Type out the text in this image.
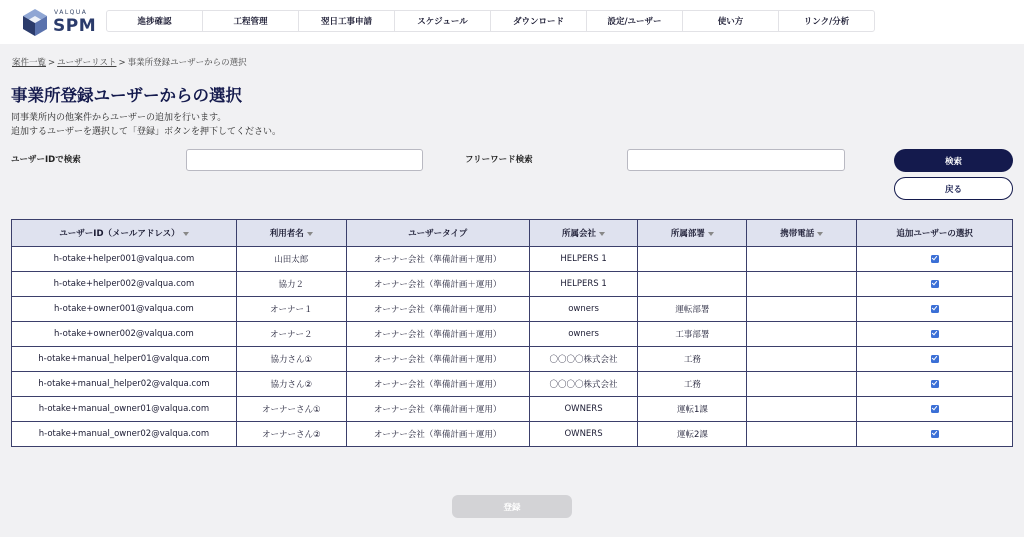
VALQUA
SPM	進捗確認	工程管理	翌日工事申請	スケジュール	ダウンロード	設定/ユーザー	使い方	リンク/分析
案件一覧 > ユーザーリスト > 事業所登録ユーザーからの選択
事業所登録ユーザーからの選択
同事業所内の他案件からユーザーの追加を行います。
追加するユーザーを選択して「登録」ボタンを押下してください。
ユーザーIDで検索	フリーワード検索	検索
戻る
ユーザーID（メールアドレス）	利用者名	ユーザータイプ	所属会社	所属部署	携帯電話	追加ユーザーの選択
h-otake+helper001@valqua.com	山田太郎	オーナー会社（準備計画＋運用）	HELPERS 1			
h-otake+helper002@valqua.com	協力２	オーナー会社（準備計画＋運用）	HELPERS 1			
h-otake+owner001@valqua.com	オーナー１	オーナー会社（準備計画＋運用）	owners	運転部署		
h-otake+owner002@valqua.com	オーナー２	オーナー会社（準備計画＋運用）	owners	工事部署		
h-otake+manual_helper01@valqua.com	協力さん①	オーナー会社（準備計画＋運用）	〇〇〇〇株式会社	工務		
h-otake+manual_helper02@valqua.com	協力さん②	オーナー会社（準備計画＋運用）	〇〇〇〇株式会社	工務		
h-otake+manual_owner01@valqua.com	オーナーさん①	オーナー会社（準備計画＋運用）	OWNERS	運転1課		
h-otake+manual_owner02@valqua.com	オーナーさん②	オーナー会社（準備計画＋運用）	OWNERS	運転2課		
登録
